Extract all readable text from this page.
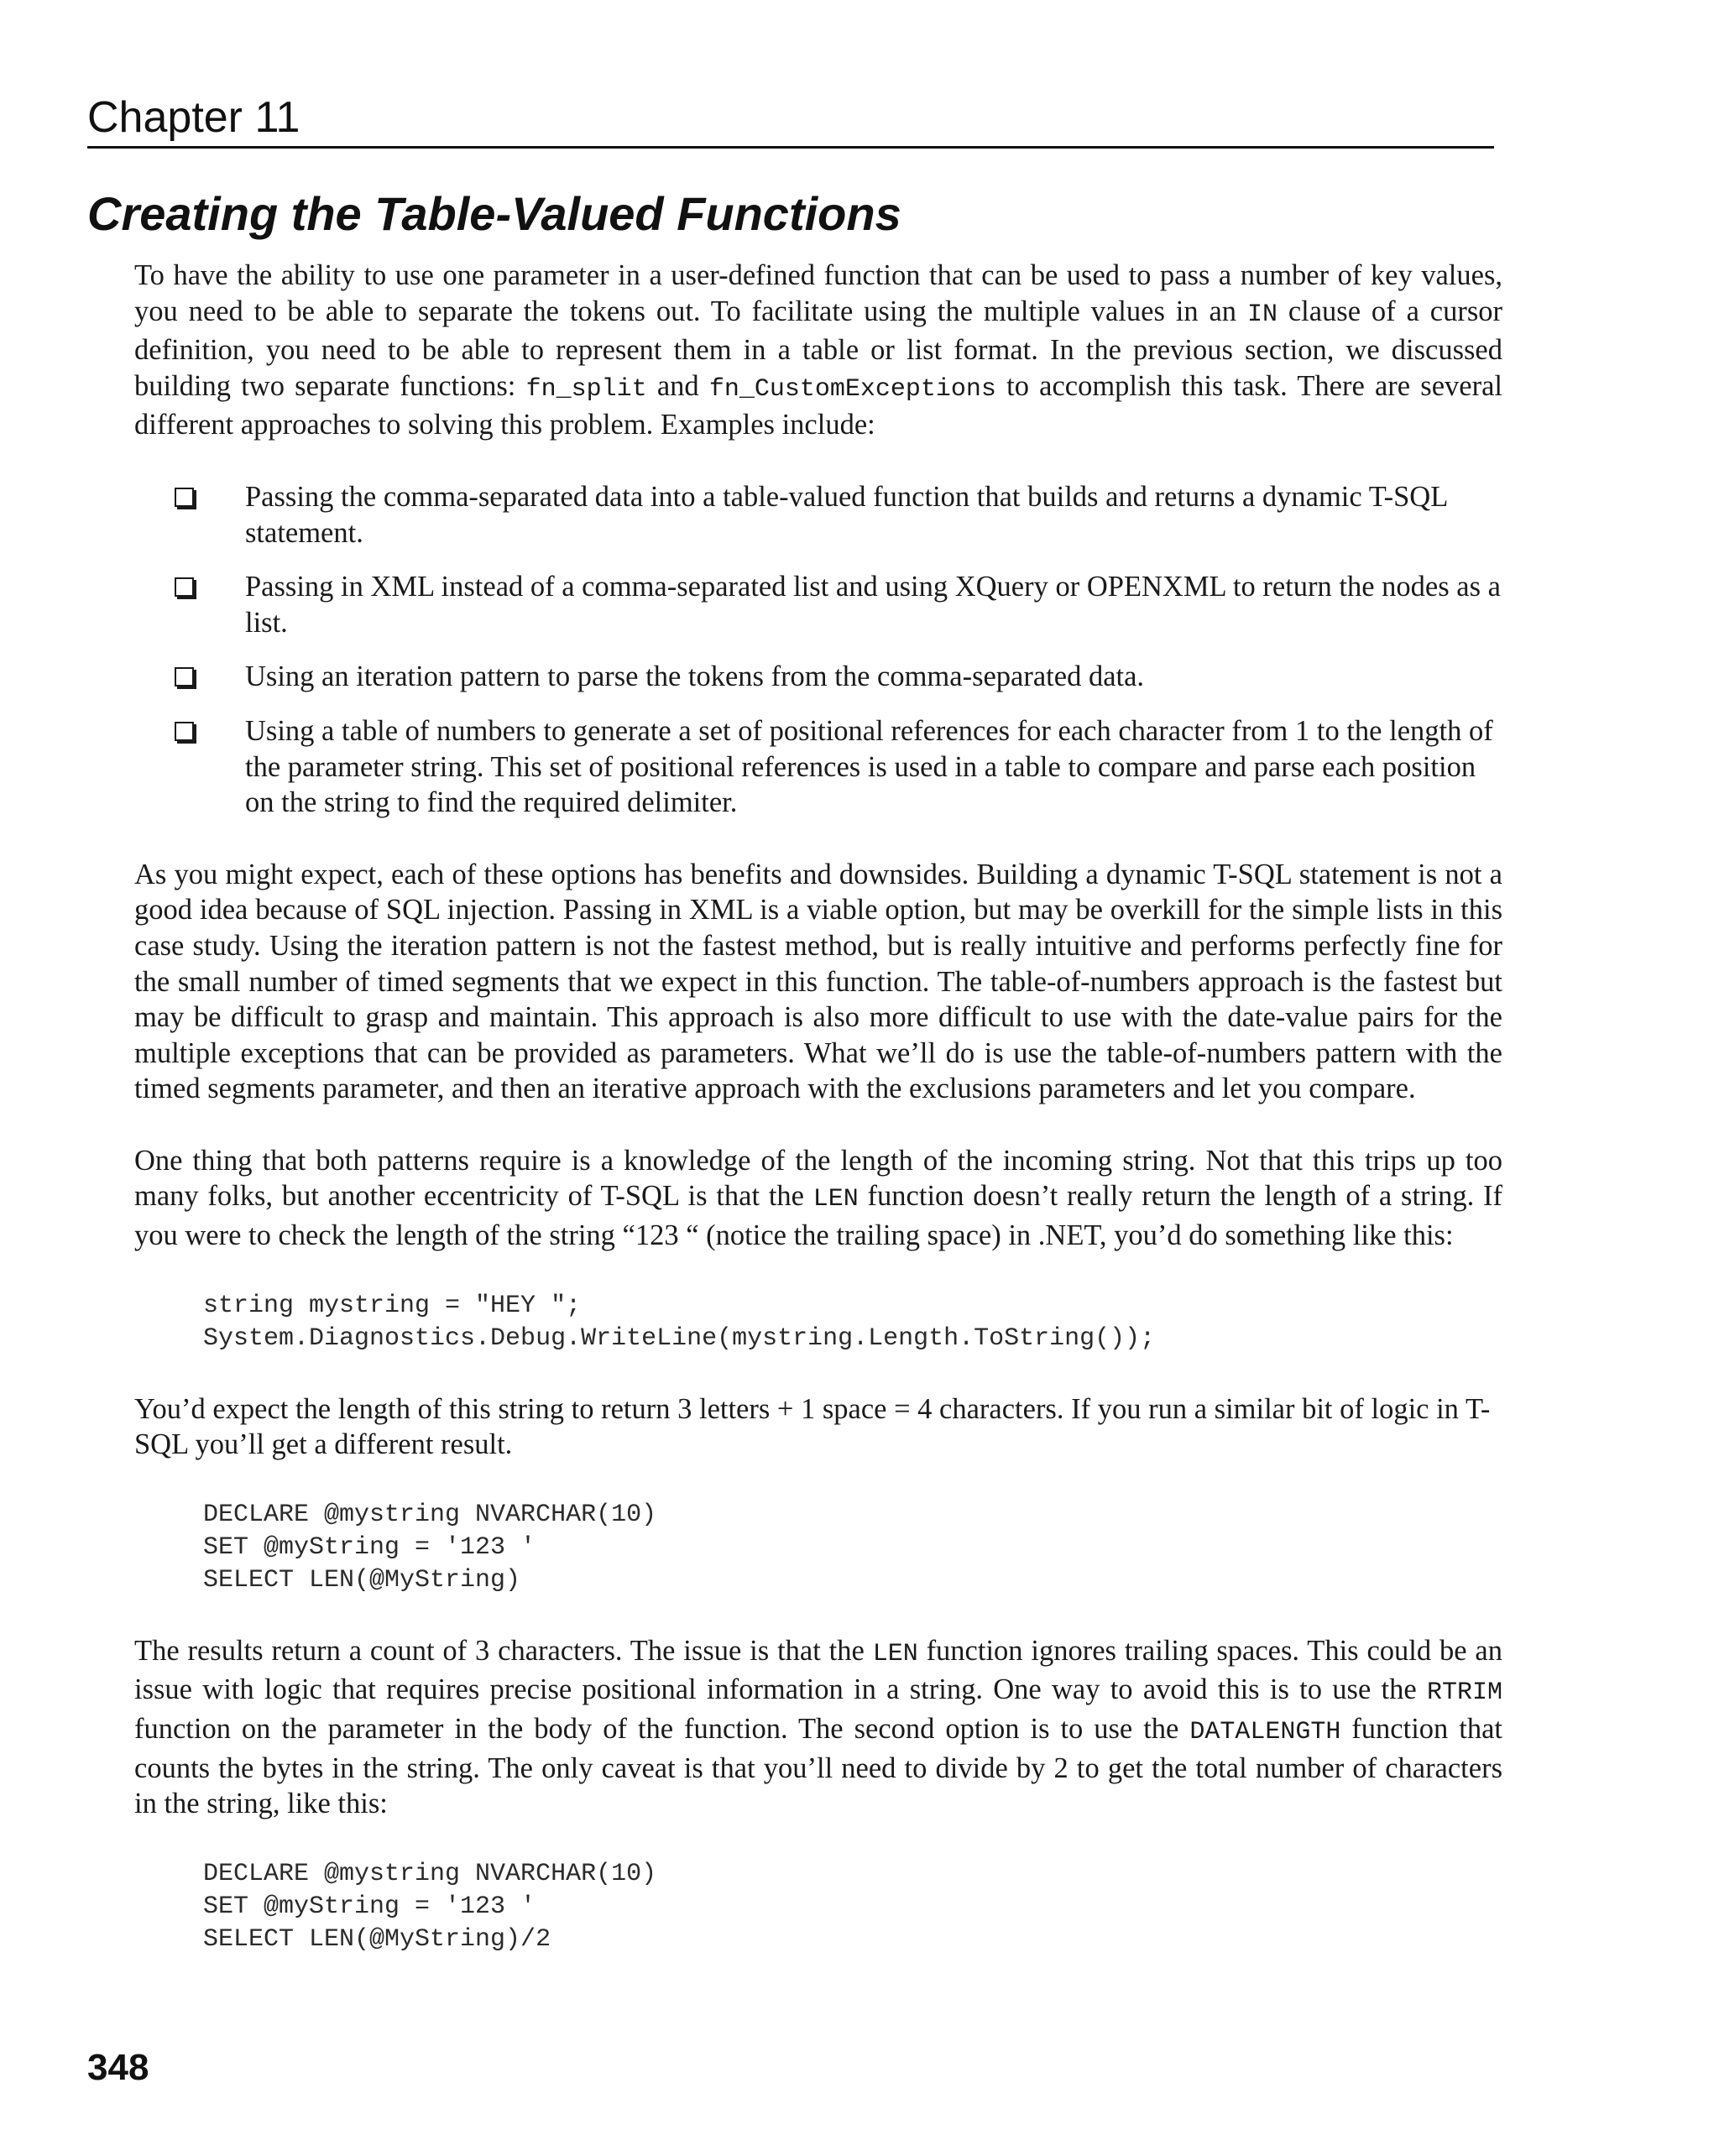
Chapter 11
Creating the Table-Valued Functions

To have the ability to use one parameter in a user-defined function that can be used to pass a number of key values, you need to be able to separate the tokens out. To facilitate using the multiple values in an IN clause of a cursor definition, you need to be able to represent them in a table or list format. In the previous section, we discussed building two separate functions: fn_split and fn_CustomExceptions to accomplish this task. There are several different approaches to solving this problem. Examples include:

Passing the comma-separated data into a table-valued function that builds and returns a dynamic T-SQL statement.
Passing in XML instead of a comma-separated list and using XQuery or OPENXML to return the nodes as a list.
Using an iteration pattern to parse the tokens from the comma-separated data.
Using a table of numbers to generate a set of positional references for each character from 1 to the length of the parameter string. This set of positional references is used in a table to compare and parse each position on the string to find the required delimiter.

As you might expect, each of these options has benefits and downsides. Building a dynamic T-SQL statement is not a good idea because of SQL injection. Passing in XML is a viable option, but may be overkill for the simple lists in this case study. Using the iteration pattern is not the fastest method, but is really intuitive and performs perfectly fine for the small number of timed segments that we expect in this function. The table-of-numbers approach is the fastest but may be difficult to grasp and maintain. This approach is also more difficult to use with the date-value pairs for the multiple exceptions that can be provided as parameters. What we’ll do is use the table-of-numbers pattern with the timed segments parameter, and then an iterative approach with the exclusions parameters and let you compare.

One thing that both patterns require is a knowledge of the length of the incoming string. Not that this trips up too many folks, but another eccentricity of T-SQL is that the LEN function doesn’t really return the length of a string. If you were to check the length of the string “123 “ (notice the trailing space) in .NET, you’d do something like this:

string mystring = "HEY ";
System.Diagnostics.Debug.WriteLine(mystring.Length.ToString());

You’d expect the length of this string to return 3 letters + 1 space = 4 characters. If you run a similar bit of logic in T-SQL you’ll get a different result.

DECLARE @mystring NVARCHAR(10)
SET @myString = '123 '
SELECT LEN(@MyString)

The results return a count of 3 characters. The issue is that the LEN function ignores trailing spaces. This could be an issue with logic that requires precise positional information in a string. One way to avoid this is to use the RTRIM function on the parameter in the body of the function. The second option is to use the DATALENGTH function that counts the bytes in the string. The only caveat is that you’ll need to divide by 2 to get the total number of characters in the string, like this:

DECLARE @mystring NVARCHAR(10)
SET @myString = '123 '
SELECT LEN(@MyString)/2
348
